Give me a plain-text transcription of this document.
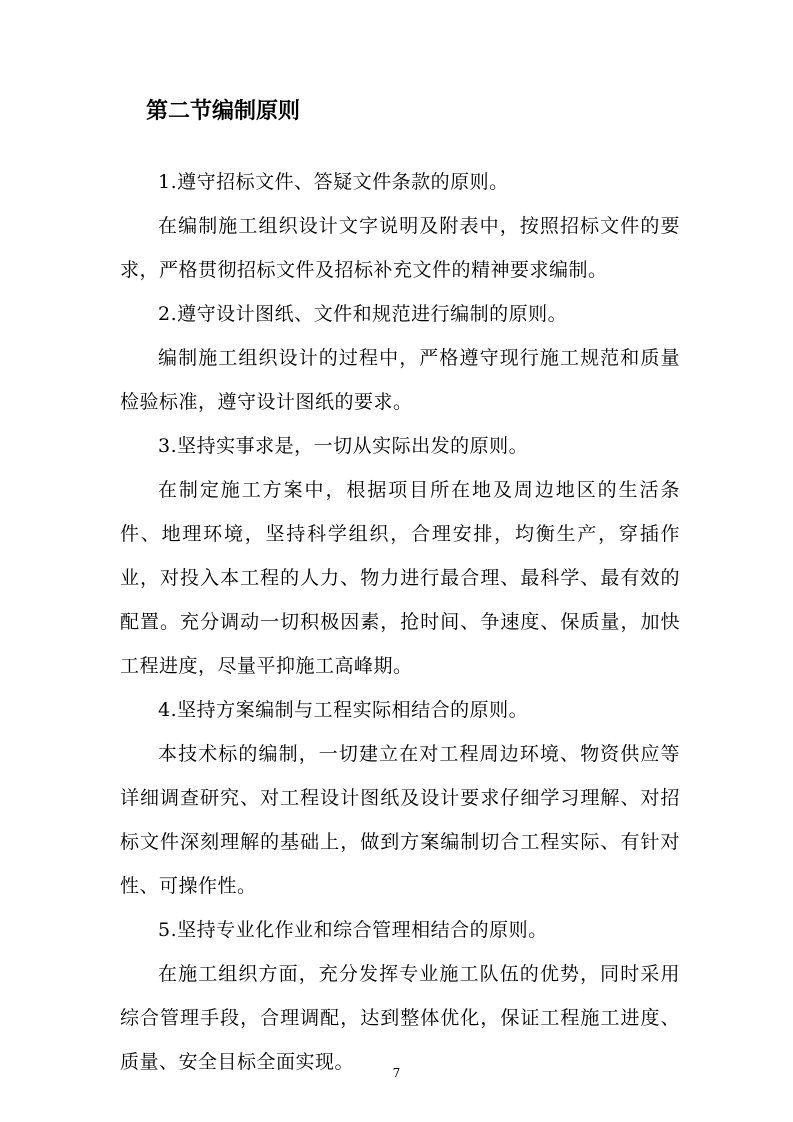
第二节编制原则

1.遵守招标文件、答疑文件条款的原则。

在编制施工组织设计文字说明及附表中，按照招标文件的要求，严格贯彻招标文件及招标补充文件的精神要求编制。

2.遵守设计图纸、文件和规范进行编制的原则。

编制施工组织设计的过程中，严格遵守现行施工规范和质量检验标准，遵守设计图纸的要求。

3.坚持实事求是，一切从实际出发的原则。

在制定施工方案中，根据项目所在地及周边地区的生活条件、地理环境，坚持科学组织，合理安排，均衡生产，穿插作业，对投入本工程的人力、物力进行最合理、最科学、最有效的配置。充分调动一切积极因素，抢时间、争速度、保质量，加快工程进度，尽量平抑施工高峰期。

4.坚持方案编制与工程实际相结合的原则。

本技术标的编制，一切建立在对工程周边环境、物资供应等详细调查研究、对工程设计图纸及设计要求仔细学习理解、对招标文件深刻理解的基础上，做到方案编制切合工程实际、有针对性、可操作性。

5.坚持专业化作业和综合管理相结合的原则。

在施工组织方面，充分发挥专业施工队伍的优势，同时采用综合管理手段，合理调配，达到整体优化，保证工程施工进度、质量、安全目标全面实现。	7
